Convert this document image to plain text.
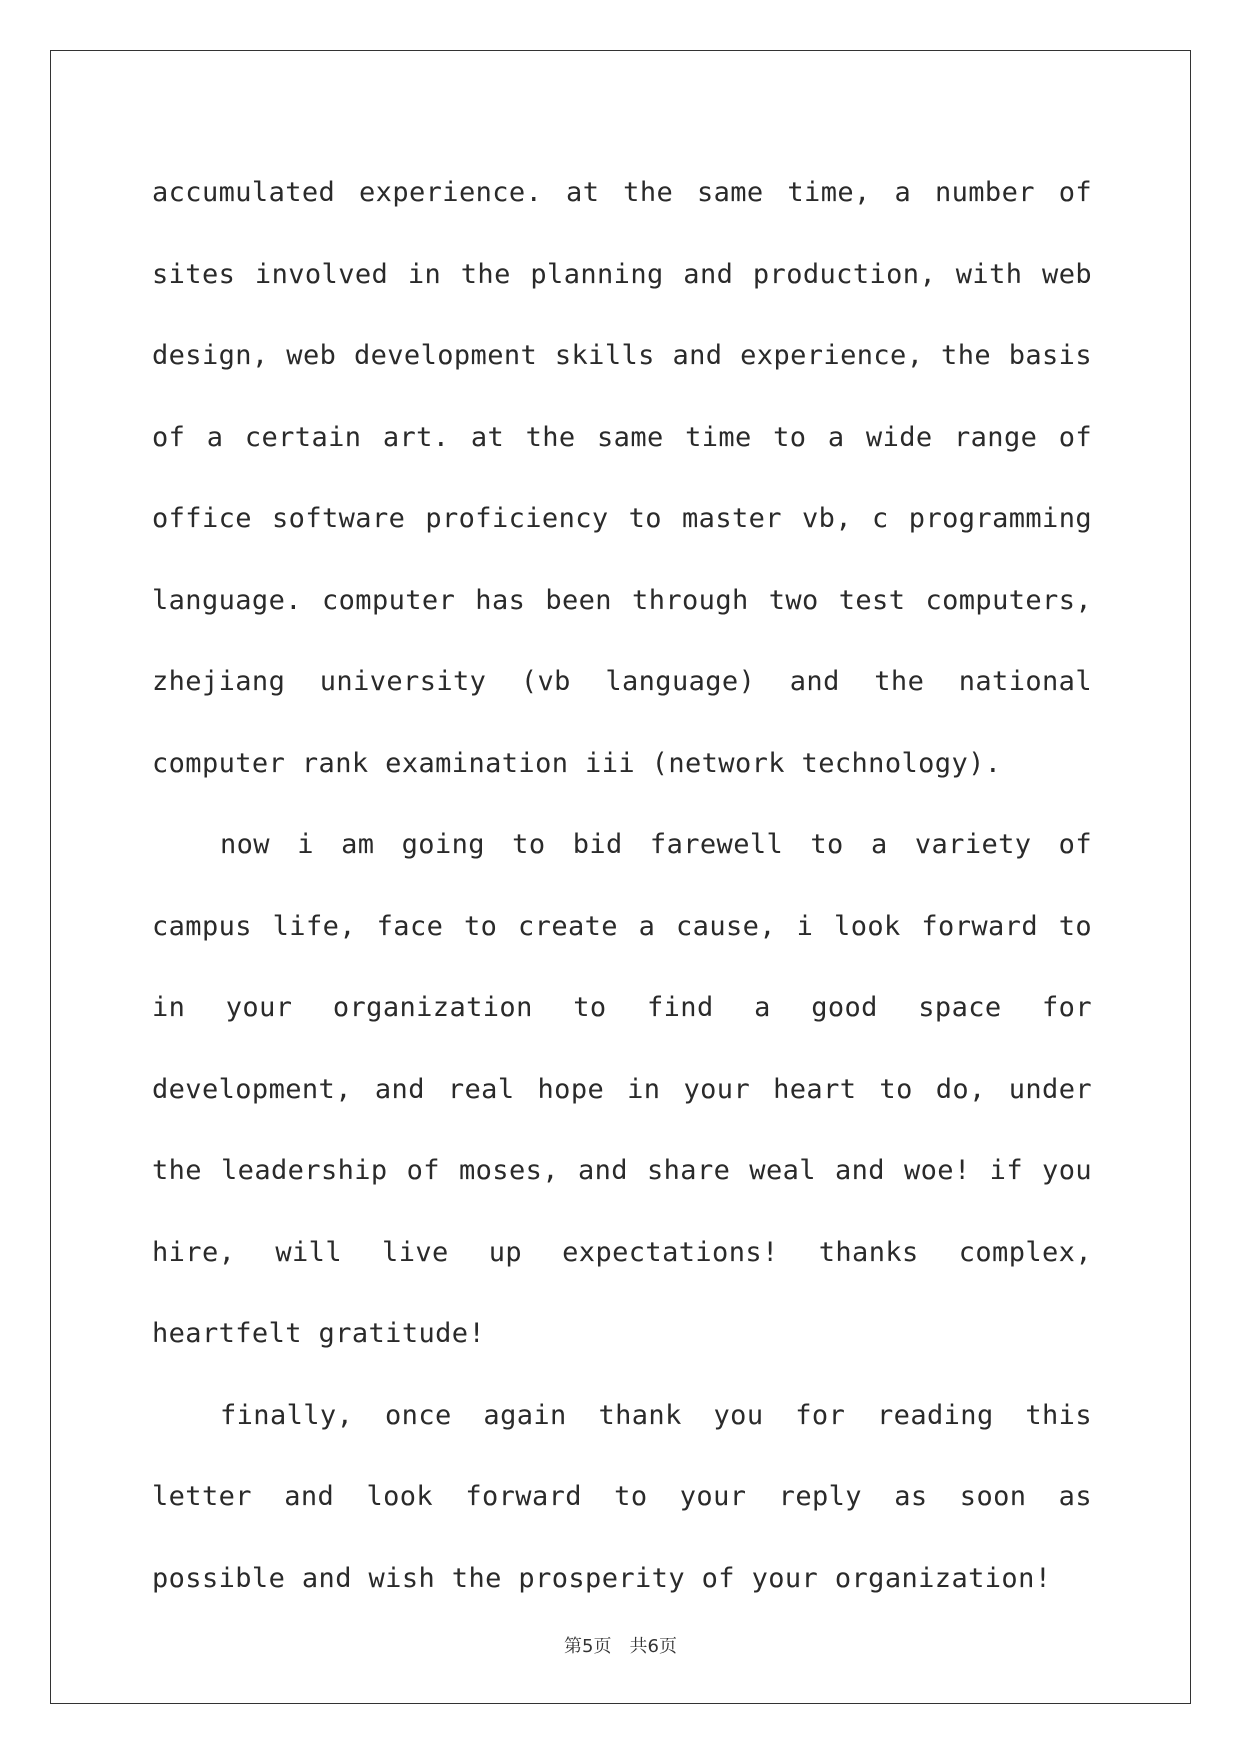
accumulated experience. at the same time, a number of sites involved in the planning and production, with web design, web development skills and experience, the basis of a certain art. at the same time to a wide range of office software proficiency to master vb, c programming language. computer has been through two test computers, zhejiang university (vb language) and the national computer rank examination iii (network technology).

now i am going to bid farewell to a variety of campus life, face to create a cause, i look forward to in your organization to find a good space for development, and real hope in your heart to do, under the leadership of moses, and share weal and woe! if you hire, will live up expectations! thanks complex, heartfelt gratitude!

finally, once again thank you for reading this letter and look forward to your reply as soon as possible and wish the prosperity of your organization!

第5页　共6页
